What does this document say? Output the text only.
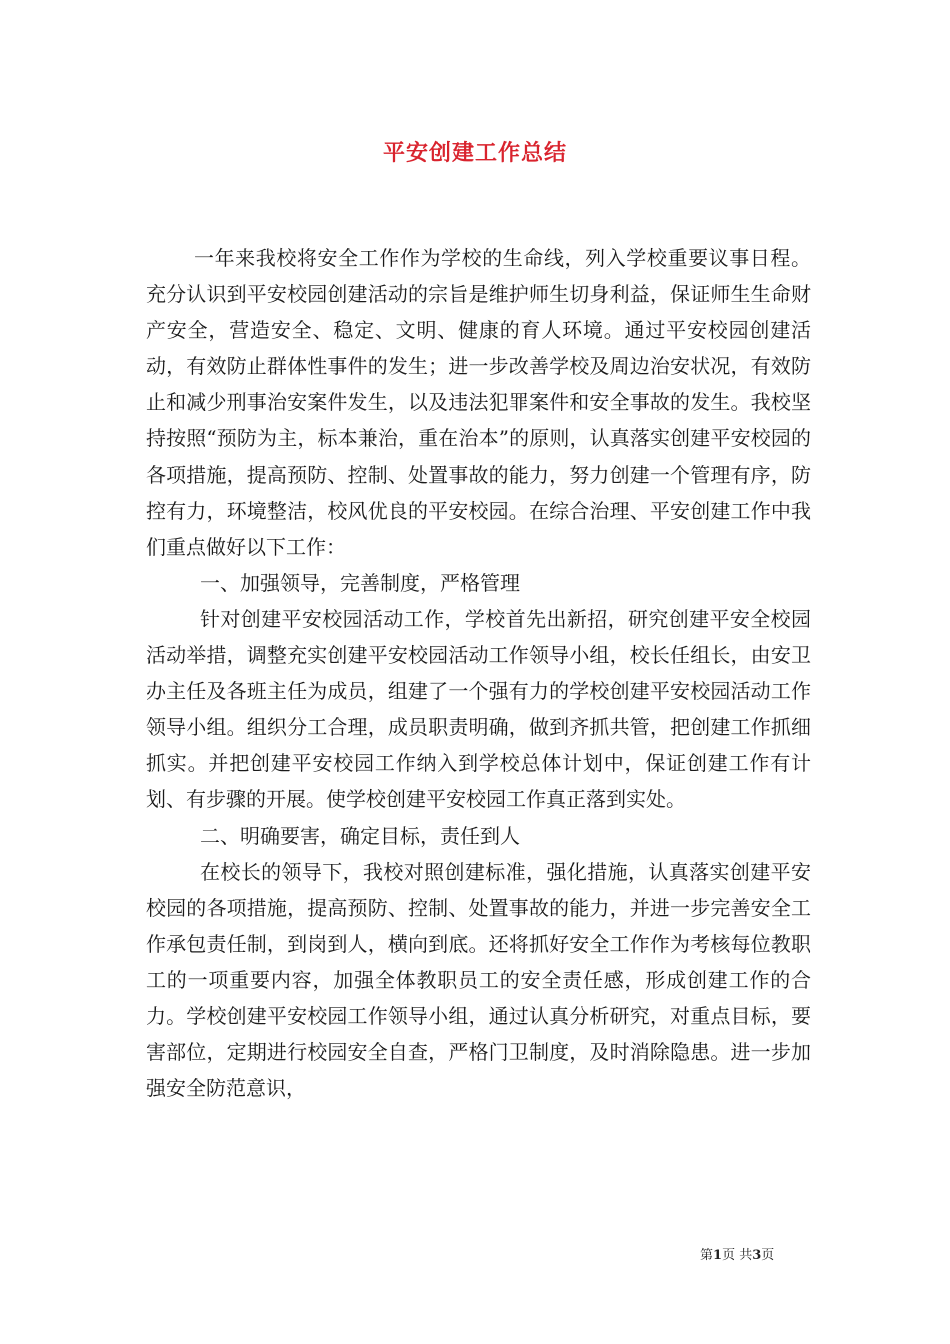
平安创建工作总结

一年来我校将安全工作作为学校的生命线，列入学校重要议事日程。充分认识到平安校园创建活动的宗旨是维护师生切身利益，保证师生生命财产安全，营造安全、稳定、文明、健康的育人环境。通过平安校园创建活动，有效防止群体性事件的发生；进一步改善学校及周边治安状况，有效防止和减少刑事治安案件发生，以及违法犯罪案件和安全事故的发生。我校坚持按照“预防为主，标本兼治，重在治本”的原则，认真落实创建平安校园的各项措施，提高预防、控制、处置事故的能力，努力创建一个管理有序，防控有力，环境整洁，校风优良的平安校园。在综合治理、平安创建工作中我们重点做好以下工作：

一、加强领导，完善制度，严格管理

针对创建平安校园活动工作，学校首先出新招，研究创建平安全校园活动举措，调整充实创建平安校园活动工作领导小组，校长任组长，由安卫办主任及各班主任为成员，组建了一个强有力的学校创建平安校园活动工作领导小组。组织分工合理，成员职责明确，做到齐抓共管，把创建工作抓细抓实。并把创建平安校园工作纳入到学校总体计划中，保证创建工作有计划、有步骤的开展。使学校创建平安校园工作真正落到实处。

二、明确要害，确定目标，责任到人

在校长的领导下，我校对照创建标准，强化措施，认真落实创建平安校园的各项措施，提高预防、控制、处置事故的能力，并进一步完善安全工作承包责任制，到岗到人，横向到底。还将抓好安全工作作为考核每位教职工的一项重要内容，加强全体教职员工的安全责任感，形成创建工作的合力。学校创建平安校园工作领导小组，通过认真分析研究，对重点目标，要害部位，定期进行校园安全自查，严格门卫制度，及时消除隐患。进一步加强安全防范意识，

第1页 共3页
